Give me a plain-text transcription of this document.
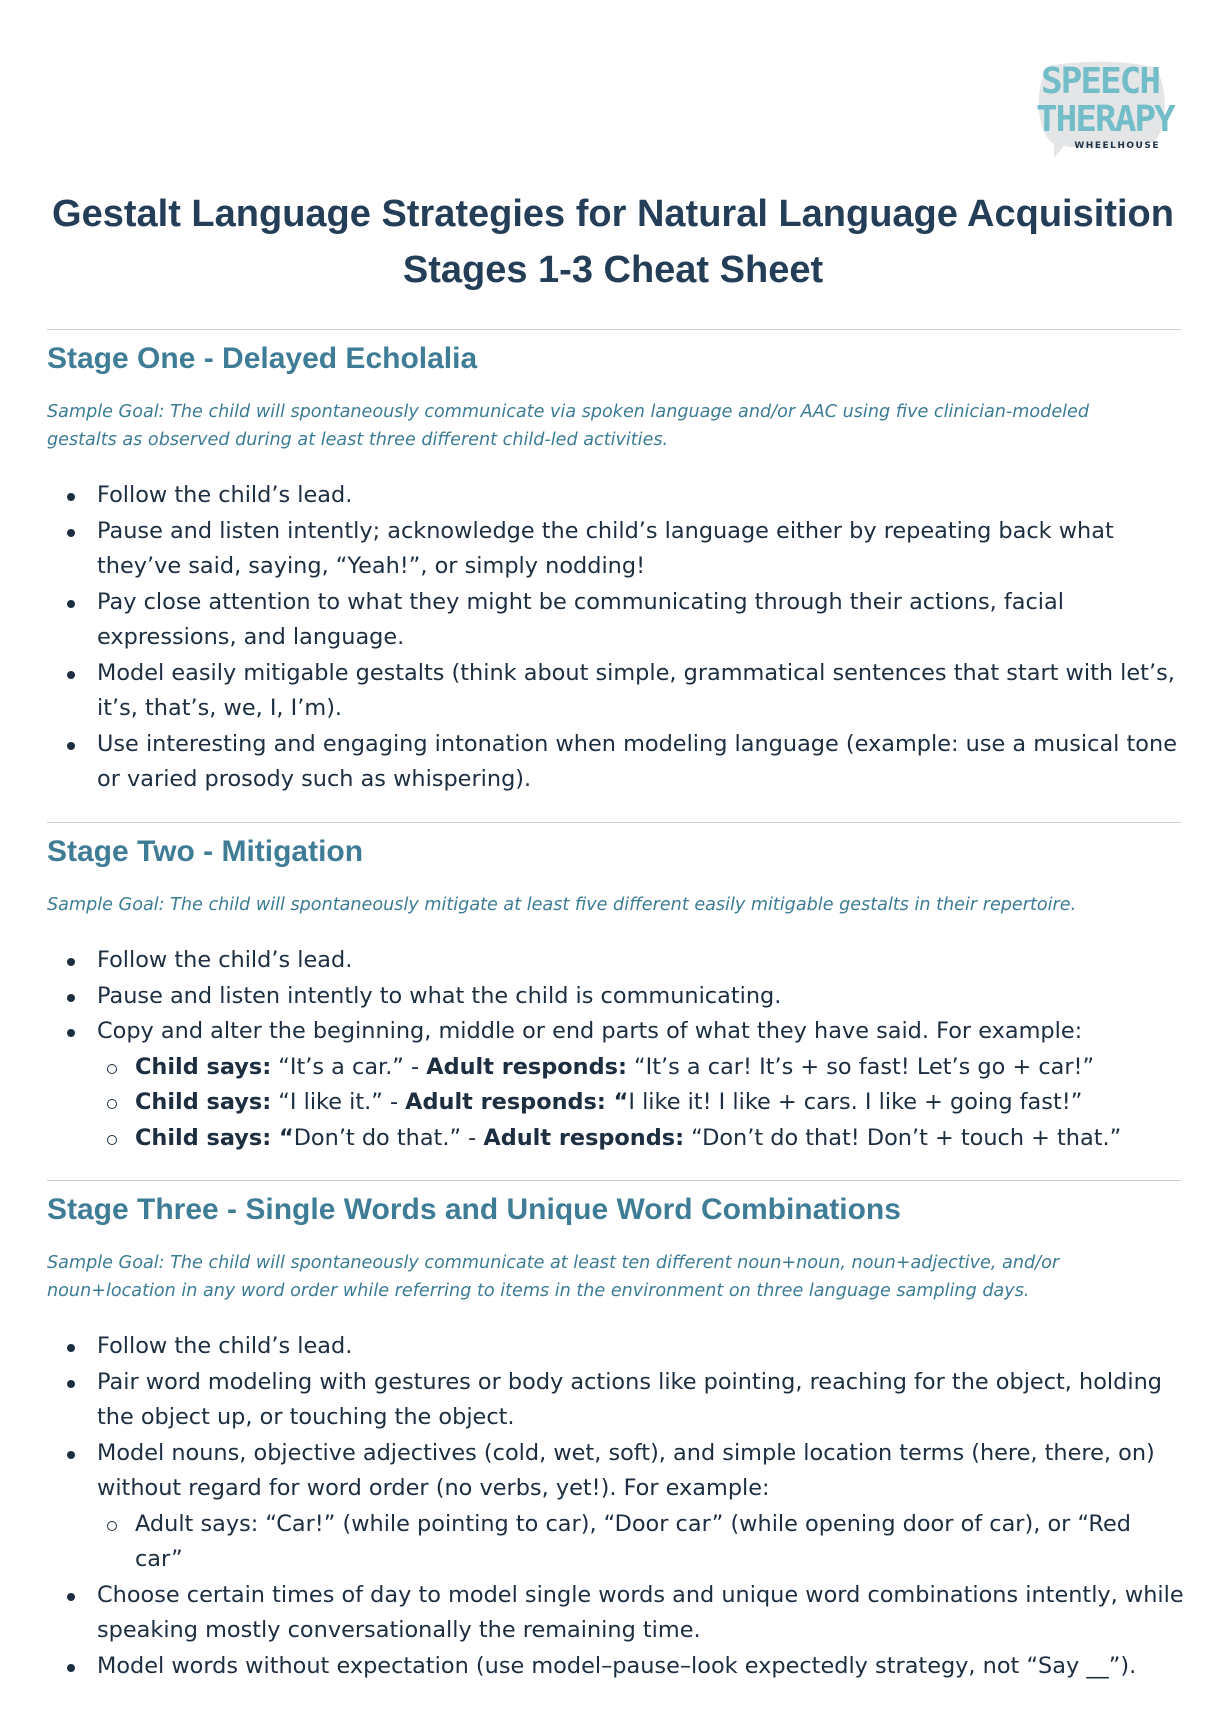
SPEECH
THERAPY
WHEELHOUSE
Gestalt Language Strategies for Natural Language Acquisition
Stages 1-3 Cheat Sheet
Stage One - Delayed Echolalia
Sample Goal: The child will spontaneously communicate via spoken language and/or AAC using five clinician-modeled
gestalts as observed during at least three different child-led activities.
Follow the child’s lead.
Pause and listen intently; acknowledge the child’s language either by repeating back what they’ve said, saying, “Yeah!”, or simply nodding!
Pay close attention to what they might be communicating through their actions, facial expressions, and language.
Model easily mitigable gestalts (think about simple, grammatical sentences that start with let’s, it’s, that’s, we, I, I’m).
Use interesting and engaging intonation when modeling language (example: use a musical tone or varied prosody such as whispering).
Stage Two - Mitigation
Sample Goal: The child will spontaneously mitigate at least five different easily mitigable gestalts in their repertoire.
Follow the child’s lead.
Pause and listen intently to what the child is communicating.
Copy and alter the beginning, middle or end parts of what they have said. For example:
Child says: “It’s a car.” - Adult responds: “It’s a car! It’s + so fast! Let’s go + car!”
Child says: “I like it.” - Adult responds: “I like it! I like + cars. I like + going fast!”
Child says: “Don’t do that.” - Adult responds: “Don’t do that! Don’t + touch + that.”
Stage Three - Single Words and Unique Word Combinations
Sample Goal: The child will spontaneously communicate at least ten different noun+noun, noun+adjective, and/or
noun+location in any word order while referring to items in the environment on three language sampling days.
Follow the child’s lead.
Pair word modeling with gestures or body actions like pointing, reaching for the object, holding the object up, or touching the object.
Model nouns, objective adjectives (cold, wet, soft), and simple location terms (here, there, on) without regard for word order (no verbs, yet!). For example:
Adult says: “Car!” (while pointing to car), “Door car” (while opening door of car), or “Red car”
Choose certain times of day to model single words and unique word combinations intently, while speaking mostly conversationally the remaining time.
Model words without expectation (use model–pause–look expectedly strategy, not “Say __”).
